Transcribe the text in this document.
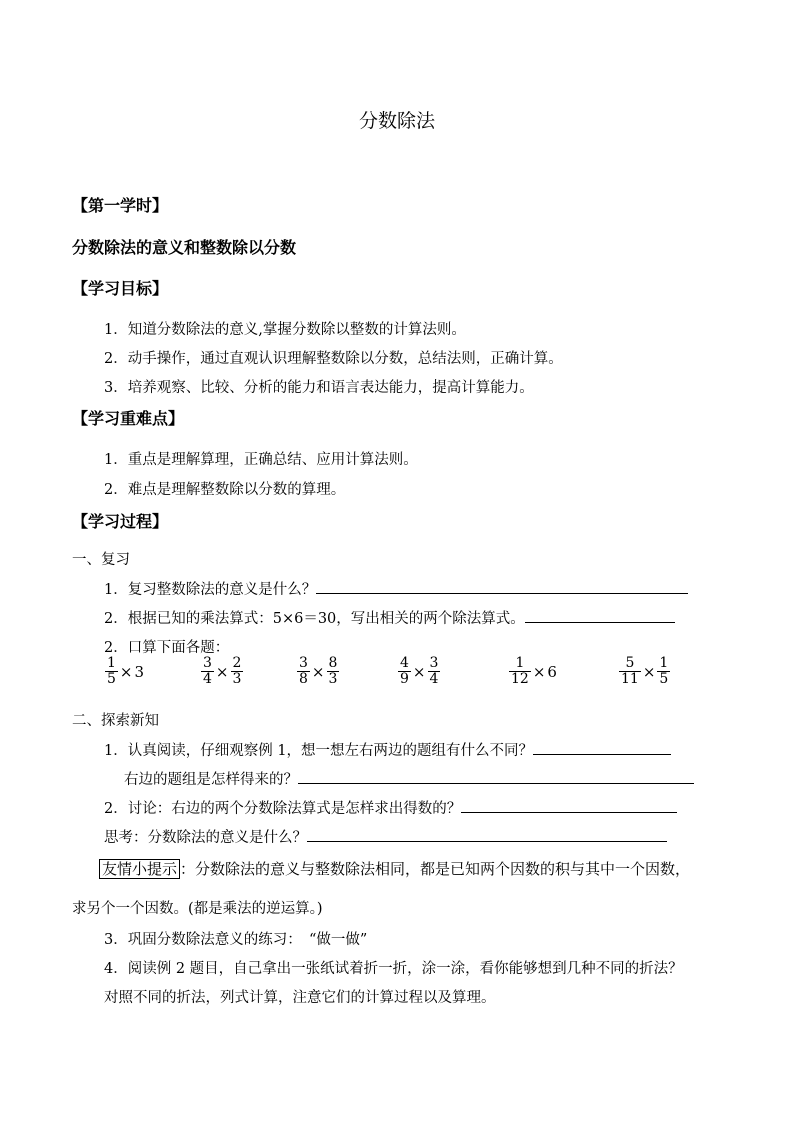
分数除法
【第一学时】
分数除法的意义和整数除以分数
【学习目标】
1．知道分数除法的意义,掌握分数除以整数的计算法则。
2．动手操作，通过直观认识理解整数除以分数，总结法则，正确计算。
3．培养观察、比较、分析的能力和语言表达能力，提高计算能力。
【学习重难点】
1．重点是理解算理，正确总结、应用计算法则。
2．难点是理解整数除以分数的算理。
【学习过程】
一、复习
1．复习整数除法的意义是什么？
2．根据已知的乘法算式：5×6＝30，写出相关的两个除法算式。
2．口算下面各题：
$\frac{1}{5} \times 3$	$\frac{3}{4} \times \frac{2}{3}$	$\frac{3}{8} \times \frac{8}{3}$	$\frac{4}{9} \times \frac{3}{4}$	$\frac{1}{12} \times 6$	$\frac{5}{11} \times \frac{1}{5}$
二、探索新知
1．认真阅读，仔细观察例 1，想一想左右两边的题组有什么不同？
右边的题组是怎样得来的？
2．讨论：右边的两个分数除法算式是怎样求出得数的？
思考：分数除法的意义是什么？
友情小提示 ：分数除法的意义与整数除法相同，都是已知两个因数的积与其中一个因数，
求另个一个因数。(都是乘法的逆运算。)
3．巩固分数除法意义的练习：　“做一做”
4．阅读例 2 题目，自己拿出一张纸试着折一折，涂一涂，看你能够想到几种不同的折法？
对照不同的折法，列式计算，注意它们的计算过程以及算理。
